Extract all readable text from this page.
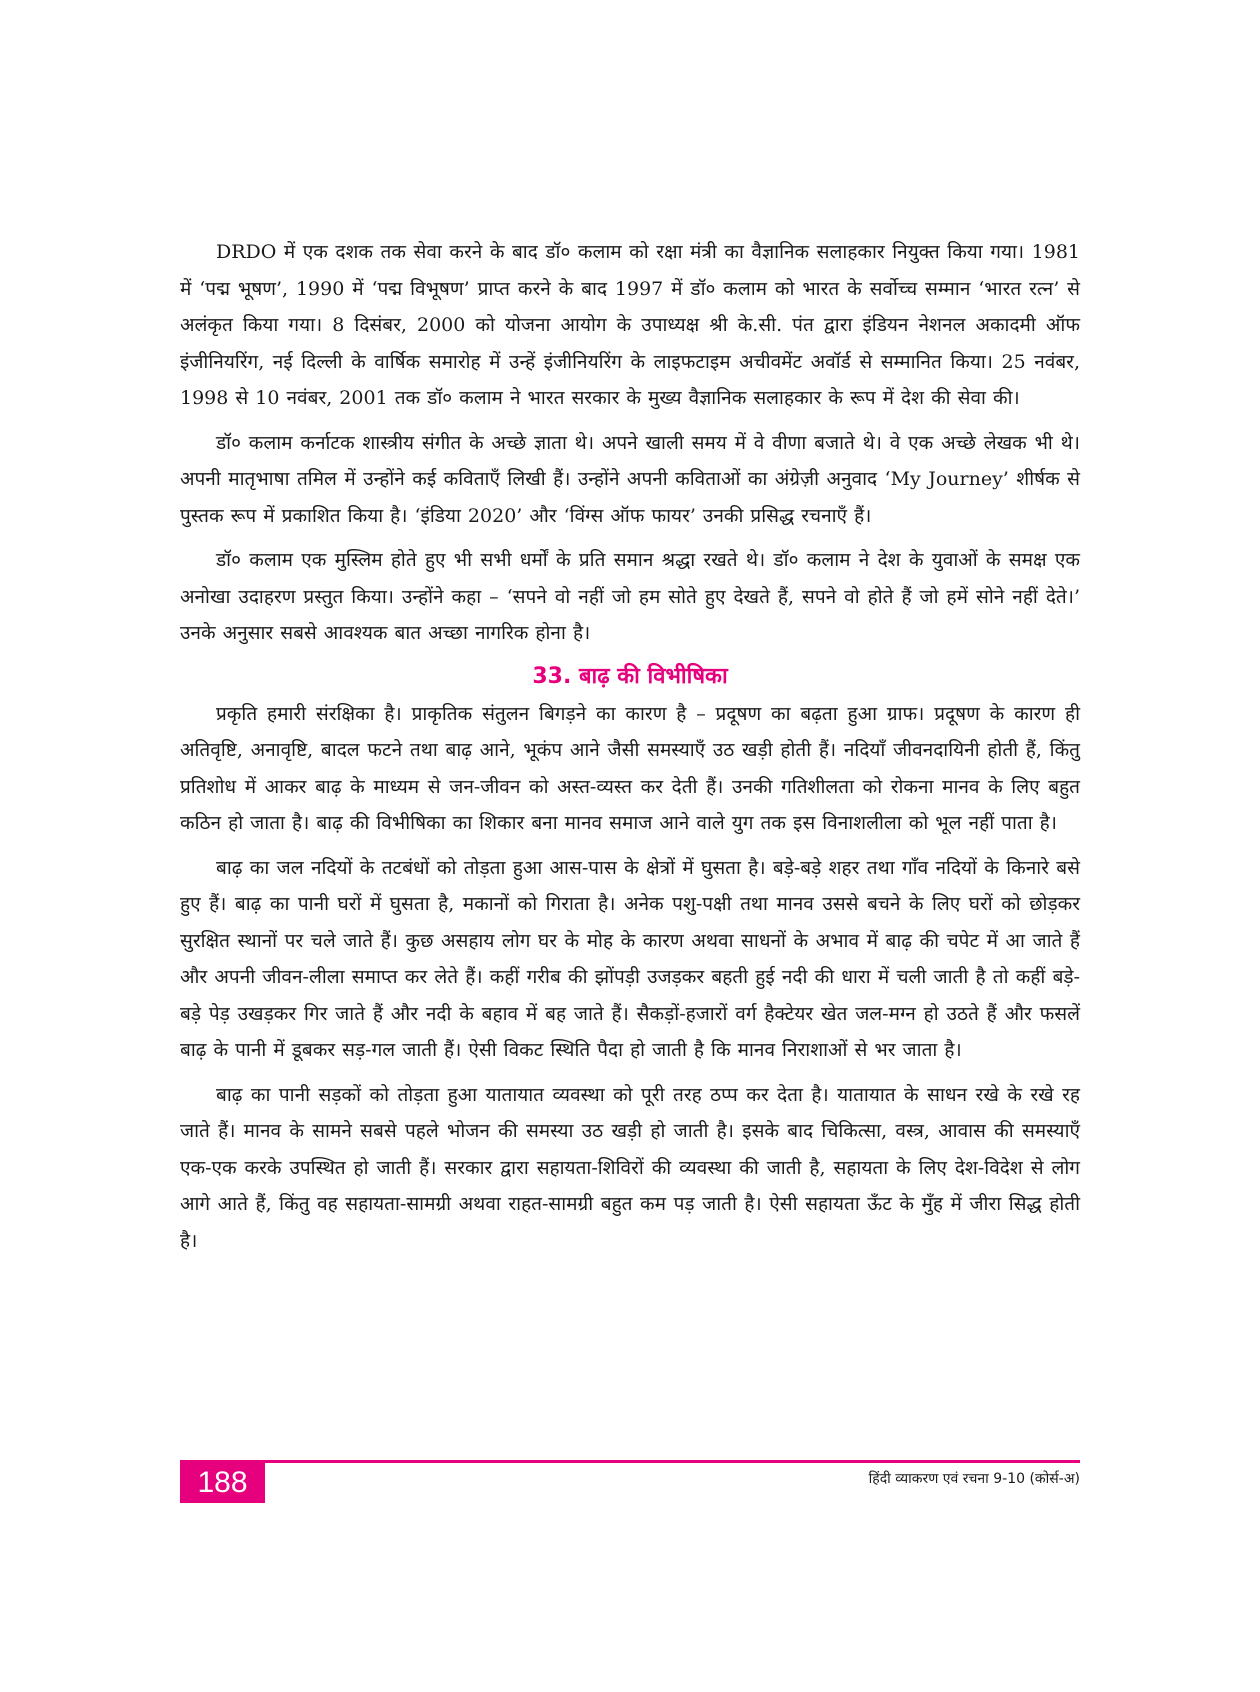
DRDO में एक दशक तक सेवा करने के बाद डॉ० कलाम को रक्षा मंत्री का वैज्ञानिक सलाहकार नियुक्त किया गया। 1981 में ‘पद्म भूषण’, 1990 में ‘पद्म विभूषण’ प्राप्त करने के बाद 1997 में डॉ० कलाम को भारत के सर्वोच्च सम्मान ‘भारत रत्न’ से अलंकृत किया गया। 8 दिसंबर, 2000 को योजना आयोग के उपाध्यक्ष श्री के.सी. पंत द्वारा इंडियन नेशनल अकादमी ऑफ इंजीनियरिंग, नई दिल्ली के वार्षिक समारोह में उन्हें इंजीनियरिंग के लाइफटाइम अचीवमेंट अवॉर्ड से सम्मानित किया। 25 नवंबर, 1998 से 10 नवंबर, 2001 तक डॉ० कलाम ने भारत सरकार के मुख्य वैज्ञानिक सलाहकार के रूप में देश की सेवा की।

डॉ० कलाम कर्नाटक शास्त्रीय संगीत के अच्छे ज्ञाता थे। अपने खाली समय में वे वीणा बजाते थे। वे एक अच्छे लेखक भी थे। अपनी मातृभाषा तमिल में उन्होंने कई कविताएँ लिखी हैं। उन्होंने अपनी कविताओं का अंग्रेज़ी अनुवाद ‘My Journey’ शीर्षक से पुस्तक रूप में प्रकाशित किया है। ‘इंडिया 2020’ और ‘विंग्स ऑफ फायर’ उनकी प्रसिद्ध रचनाएँ हैं।

डॉ० कलाम एक मुस्लिम होते हुए भी सभी धर्मों के प्रति समान श्रद्धा रखते थे। डॉ० कलाम ने देश के युवाओं के समक्ष एक अनोखा उदाहरण प्रस्तुत किया। उन्होंने कहा – ‘सपने वो नहीं जो हम सोते हुए देखते हैं, सपने वो होते हैं जो हमें सोने नहीं देते।’ उनके अनुसार सबसे आवश्यक बात अच्छा नागरिक होना है।

33. बाढ़ की विभीषिका

प्रकृति हमारी संरक्षिका है। प्राकृतिक संतुलन बिगड़ने का कारण है – प्रदूषण का बढ़ता हुआ ग्राफ। प्रदूषण के कारण ही अतिवृष्टि, अनावृष्टि, बादल फटने तथा बाढ़ आने, भूकंप आने जैसी समस्याएँ उठ खड़ी होती हैं। नदियाँ जीवनदायिनी होती हैं, किंतु प्रतिशोध में आकर बाढ़ के माध्यम से जन-जीवन को अस्त-व्यस्त कर देती हैं। उनकी गतिशीलता को रोकना मानव के लिए बहुत कठिन हो जाता है। बाढ़ की विभीषिका का शिकार बना मानव समाज आने वाले युग तक इस विनाशलीला को भूल नहीं पाता है।

बाढ़ का जल नदियों के तटबंधों को तोड़ता हुआ आस-पास के क्षेत्रों में घुसता है। बड़े-बड़े शहर तथा गाँव नदियों के किनारे बसे हुए हैं। बाढ़ का पानी घरों में घुसता है, मकानों को गिराता है। अनेक पशु-पक्षी तथा मानव उससे बचने के लिए घरों को छोड़कर सुरक्षित स्थानों पर चले जाते हैं। कुछ असहाय लोग घर के मोह के कारण अथवा साधनों के अभाव में बाढ़ की चपेट में आ जाते हैं और अपनी जीवन-लीला समाप्त कर लेते हैं। कहीं गरीब की झोंपड़ी उजड़कर बहती हुई नदी की धारा में चली जाती है तो कहीं बड़े-बड़े पेड़ उखड़कर गिर जाते हैं और नदी के बहाव में बह जाते हैं। सैकड़ों-हजारों वर्ग हैक्टेयर खेत जल-मग्न हो उठते हैं और फसलें बाढ़ के पानी में डूबकर सड़-गल जाती हैं। ऐसी विकट स्थिति पैदा हो जाती है कि मानव निराशाओं से भर जाता है।

बाढ़ का पानी सड़कों को तोड़ता हुआ यातायात व्यवस्था को पूरी तरह ठप्प कर देता है। यातायात के साधन रखे के रखे रह जाते हैं। मानव के सामने सबसे पहले भोजन की समस्या उठ खड़ी हो जाती है। इसके बाद चिकित्सा, वस्त्र, आवास की समस्याएँ एक-एक करके उपस्थित हो जाती हैं। सरकार द्वारा सहायता-शिविरों की व्यवस्था की जाती है, सहायता के लिए देश-विदेश से लोग आगे आते हैं, किंतु वह सहायता-सामग्री अथवा राहत-सामग्री बहुत कम पड़ जाती है। ऐसी सहायता ऊँट के मुँह में जीरा सिद्ध होती है।

188	हिंदी व्याकरण एवं रचना 9-10 (कोर्स-अ)
